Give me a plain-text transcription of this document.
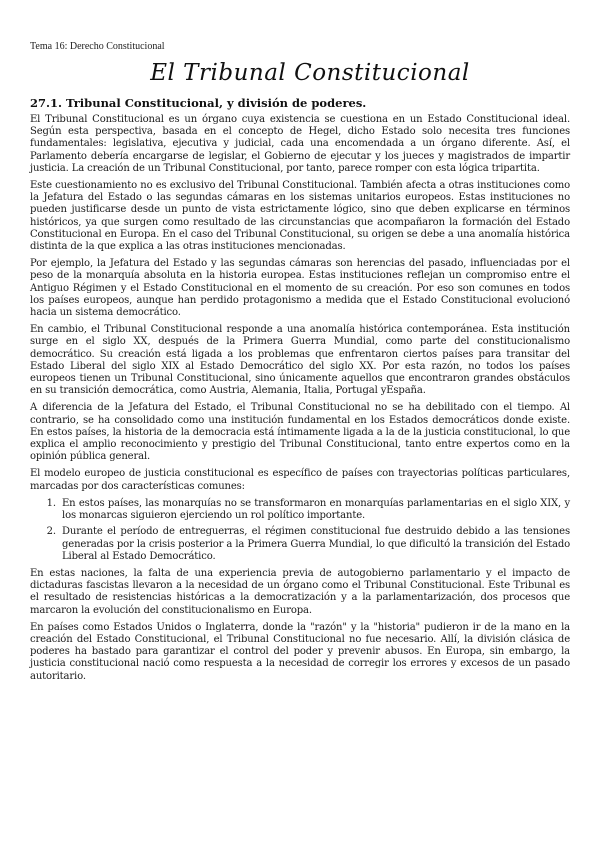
Tema 16: Derecho Constitucional
El Tribunal Constitucional
27.1. Tribunal Constitucional, y división de poderes.

El Tribunal Constitucional es un órgano cuya existencia se cuestiona en un Estado Constitucional ideal. Según esta perspectiva, basada en el concepto de Hegel, dicho Estado solo necesita tres funciones fundamentales: legislativa, ejecutiva y judicial, cada una encomendada a un órgano diferente. Así, el Parlamento debería encargarse de legislar, el Gobierno de ejecutar y los jueces y magistrados de impartir justicia. La creación de un Tribunal Constitucional, por tanto, parece romper con esta lógica tripartita.

Este cuestionamiento no es exclusivo del Tribunal Constitucional. También afecta a otras instituciones como la Jefatura del Estado o las segundas cámaras en los sistemas unitarios europeos. Estas instituciones no pueden justificarse desde un punto de vista estrictamente lógico, sino que deben explicarse en términos históricos, ya que surgen como resultado de las circunstancias que acompañaron la formación del Estado Constitucional en Europa. En el caso del Tribunal Constitucional, su origen se debe a una anomalía histórica distinta de la que explica a las otras instituciones mencionadas.

Por ejemplo, la Jefatura del Estado y las segundas cámaras son herencias del pasado, influenciadas por el peso de la monarquía absoluta en la historia europea. Estas instituciones reflejan un compromiso entre el Antiguo Régimen y el Estado Constitucional en el momento de su creación. Por eso son comunes en todos los países europeos, aunque han perdido protagonismo a medida que el Estado Constitucional evolucionó hacia un sistema democrático.

En cambio, el Tribunal Constitucional responde a una anomalía histórica contemporánea. Esta institución surge en el siglo XX, después de la Primera Guerra Mundial, como parte del constitucionalismo democrático. Su creación está ligada a los problemas que enfrentaron ciertos países para transitar del Estado Liberal del siglo XIX al Estado Democrático del siglo XX. Por esta razón, no todos los países europeos tienen un Tribunal Constitucional, sino únicamente aquellos que encontraron grandes obstáculos en su transición democrática, como Austria, Alemania, Italia, Portugal yEspaña.

A diferencia de la Jefatura del Estado, el Tribunal Constitucional no se ha debilitado con el tiempo. Al contrario, se ha consolidado como una institución fundamental en los Estados democráticos donde existe. En estos países, la historia de la democracia está íntimamente ligada a la de la justicia constitucional, lo que explica el amplio reconocimiento y prestigio del Tribunal Constitucional, tanto entre expertos como en la opinión pública general.

El modelo europeo de justicia constitucional es específico de países con trayectorias políticas particulares, marcadas por dos características comunes:

1. En estos países, las monarquías no se transformaron en monarquías parlamentarias en el siglo XIX, y los monarcas siguieron ejerciendo un rol político importante.
2. Durante el período de entreguerras, el régimen constitucional fue destruido debido a las tensiones generadas por la crisis posterior a la Primera Guerra Mundial, lo que dificultó la transición del Estado Liberal al Estado Democrático.

En estas naciones, la falta de una experiencia previa de autogobierno parlamentario y el impacto de dictaduras fascistas llevaron a la necesidad de un órgano como el Tribunal Constitucional. Este Tribunal es el resultado de resistencias históricas a la democratización y a la parlamentarización, dos procesos que marcaron la evolución del constitucionalismo en Europa.

En países como Estados Unidos o Inglaterra, donde la "razón" y la "historia" pudieron ir de la mano en la creación del Estado Constitucional, el Tribunal Constitucional no fue necesario. Allí, la división clásica de poderes ha bastado para garantizar el control del poder y prevenir abusos. En Europa, sin embargo, la justicia constitucional nació como respuesta a la necesidad de corregir los errores y excesos de un pasado autoritario.
